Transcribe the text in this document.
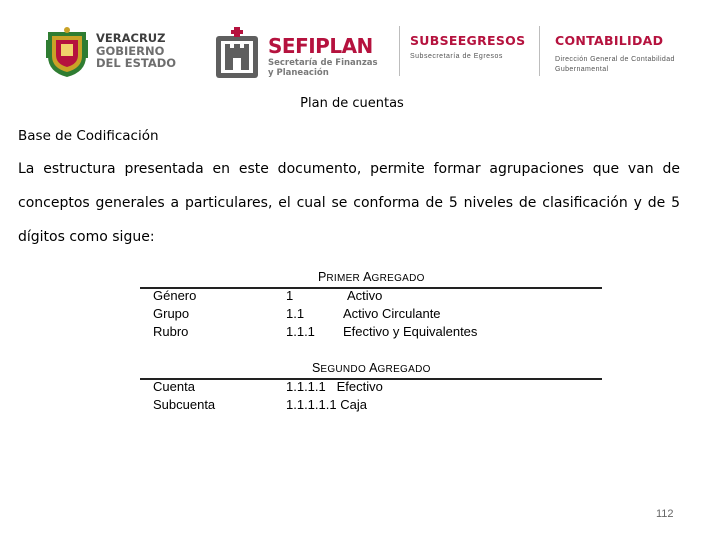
VERACRUZ
GOBIERNO
DEL ESTADO
SEFIPLAN
Secretaría de Finanzas
y Planeación
SUBSEEGRESOS
Subsecretaría de Egresos
CONTABILIDAD
Dirección General de Contabilidad
Gubernamental
Plan de cuentas
Base de Codificación
La estructura presentada en este documento, permite formar agrupaciones que van de conceptos generales a particulares, el cual se conforma de 5 niveles de clasificación y de 5 dígitos como sigue:
PRIMER AGREGADO
Género	1	Activo
Grupo	1.1	Activo Circulante
Rubro	1.1.1 Efectivo y Equivalentes
SEGUNDO AGREGADO
Cuenta	1.1.1.1   Efectivo
Subcuenta	1.1.1.1.1 Caja
112
